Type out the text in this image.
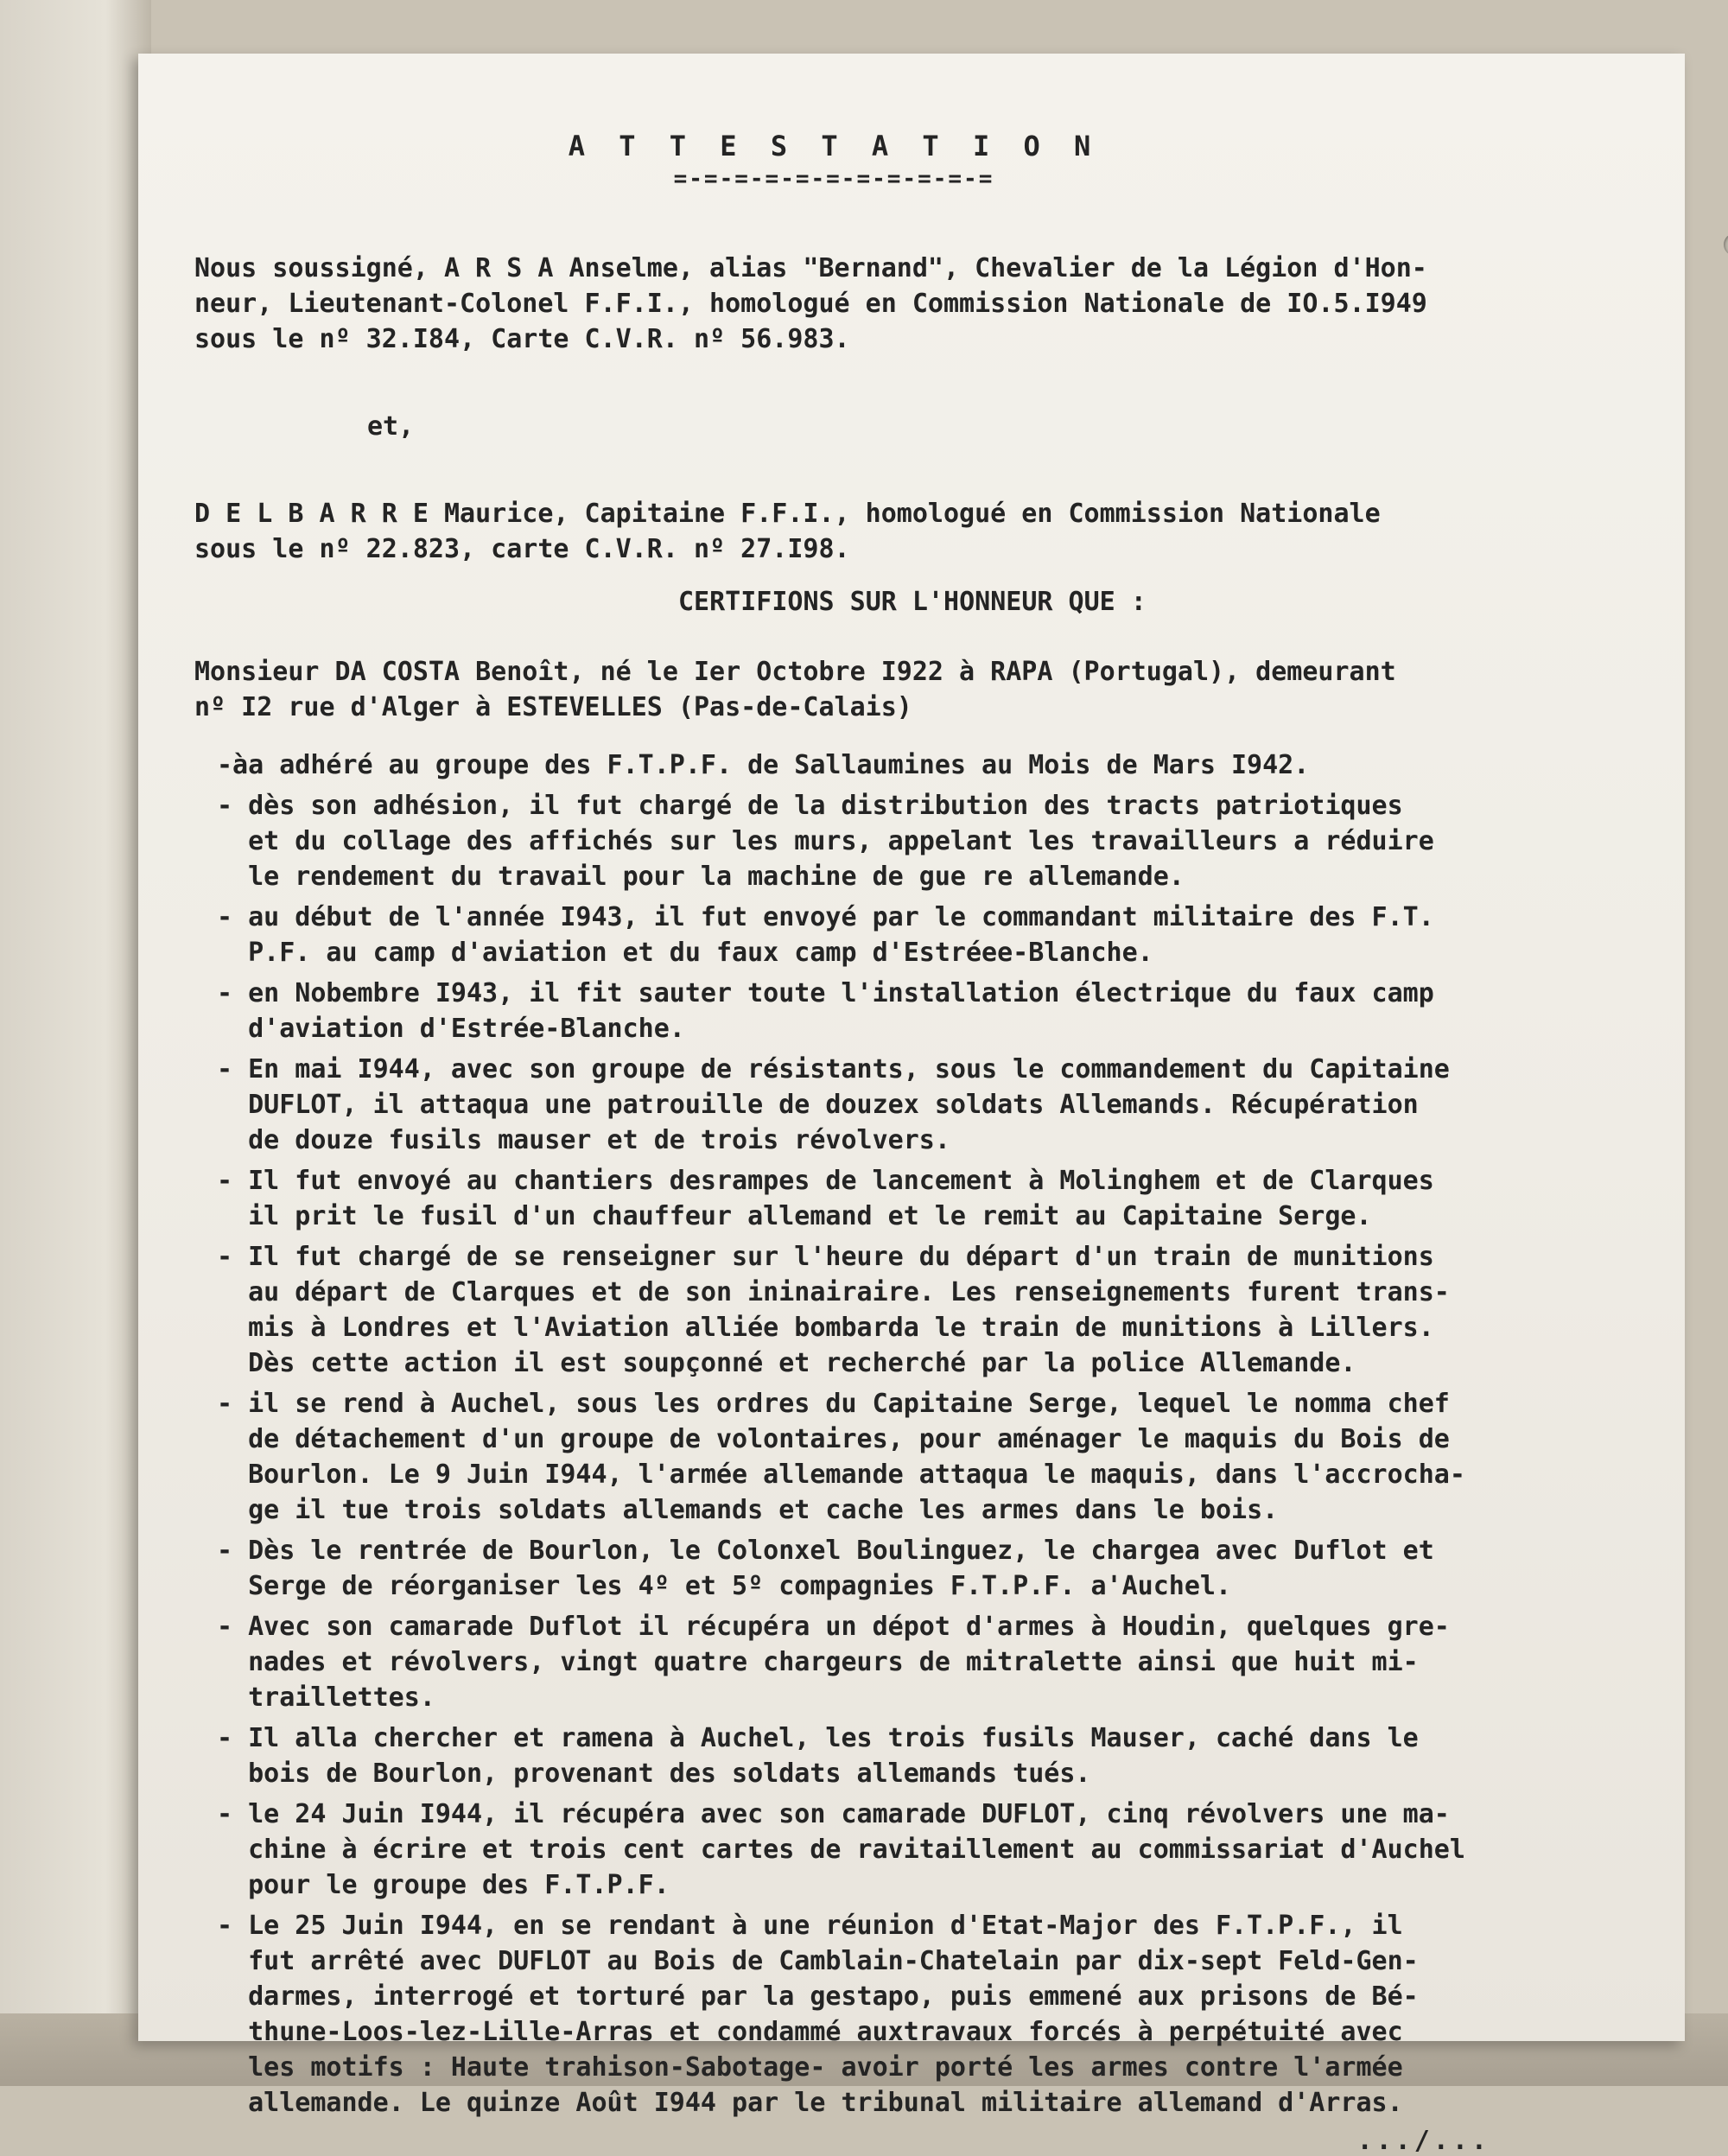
A T T E S T A T I O N
=-=-=-=-=-=-=-=-=-=-=

Nous soussigné, A R S A Anselme, alias "Bernand", Chevalier de la Légion d'Hon-
neur, Lieutenant-Colonel F.F.I., homologué en Commission Nationale de IO.5.I949
sous le nº 32.I84, Carte C.V.R. nº 56.983.

et,

D E L B A R R E Maurice, Capitaine F.F.I., homologué en Commission Nationale
sous le nº 22.823, carte C.V.R. nº 27.I98.

CERTIFIONS SUR L'HONNEUR QUE :

Monsieur DA COSTA Benoît, né le Ier Octobre I922 à RAPA (Portugal), demeurant
nº I2 rue d'Alger à ESTEVELLES (Pas-de-Calais)

-àa adhéré au groupe des F.T.P.F. de Sallaumines au Mois de Mars I942.
- dès son adhésion, il fut chargé de la distribution des tracts patriotiques
et du collage des affichés sur les murs, appelant les travailleurs a réduire
le rendement du travail pour la machine de gue re allemande.
- au début de l'année I943, il fut envoyé par le commandant militaire des F.T.
P.F. au camp d'aviation et du faux camp d'Estréee-Blanche.
- en Nobembre I943, il fit sauter toute l'installation électrique du faux camp
d'aviation d'Estrée-Blanche.
- En mai I944, avec son groupe de résistants, sous le commandement du Capitaine
DUFLOT, il attaqua une patrouille de douzex soldats Allemands. Récupération
de douze fusils mauser et de trois révolvers.
- Il fut envoyé au chantiers desrampes de lancement à Molinghem et de Clarques
il prit le fusil d'un chauffeur allemand et le remit au Capitaine Serge.
- Il fut chargé de se renseigner sur l'heure du départ d'un train de munitions
au départ de Clarques et de son ininairaire. Les renseignements furent trans-
mis à Londres et l'Aviation alliée bombarda le train de munitions à Lillers.
Dès cette action il est soupçonné et recherché par la police Allemande.
- il se rend à Auchel, sous les ordres du Capitaine Serge, lequel le nomma chef
de détachement d'un groupe de volontaires, pour aménager le maquis du Bois de
Bourlon. Le 9 Juin I944, l'armée allemande attaqua le maquis, dans l'accrocha-
ge il tue trois soldats allemands et cache les armes dans le bois.
- Dès le rentrée de Bourlon, le Colonxel Boulinguez, le chargea avec Duflot et
Serge de réorganiser les 4º et 5º compagnies F.T.P.F. a'Auchel.
- Avec son camarade Duflot il récupéra un dépot d'armes à Houdin, quelques gre-
nades et révolvers, vingt quatre chargeurs de mitralette ainsi que huit mi-
traillettes.
- Il alla chercher et ramena à Auchel, les trois fusils Mauser, caché dans le
bois de Bourlon, provenant des soldats allemands tués.
- le 24 Juin I944, il récupéra avec son camarade DUFLOT, cinq révolvers une ma-
chine à écrire et trois cent cartes de ravitaillement au commissariat d'Auchel
pour le groupe des F.T.P.F.
- Le 25 Juin I944, en se rendant à une réunion d'Etat-Major des F.T.P.F., il
fut arrêté avec DUFLOT au Bois de Camblain-Chatelain par dix-sept Feld-Gen-
darmes, interrogé et torturé par la gestapo, puis emmené aux prisons de Bé-
thune-Loos-lez-Lille-Arras et condammé auxtravaux forcés à perpétuité avec
les motifs : Haute trahison-Sabotage- avoir porté les armes contre l'armée
allemande. Le quinze Août I944 par le tribunal militaire allemand d'Arras.
.../...
